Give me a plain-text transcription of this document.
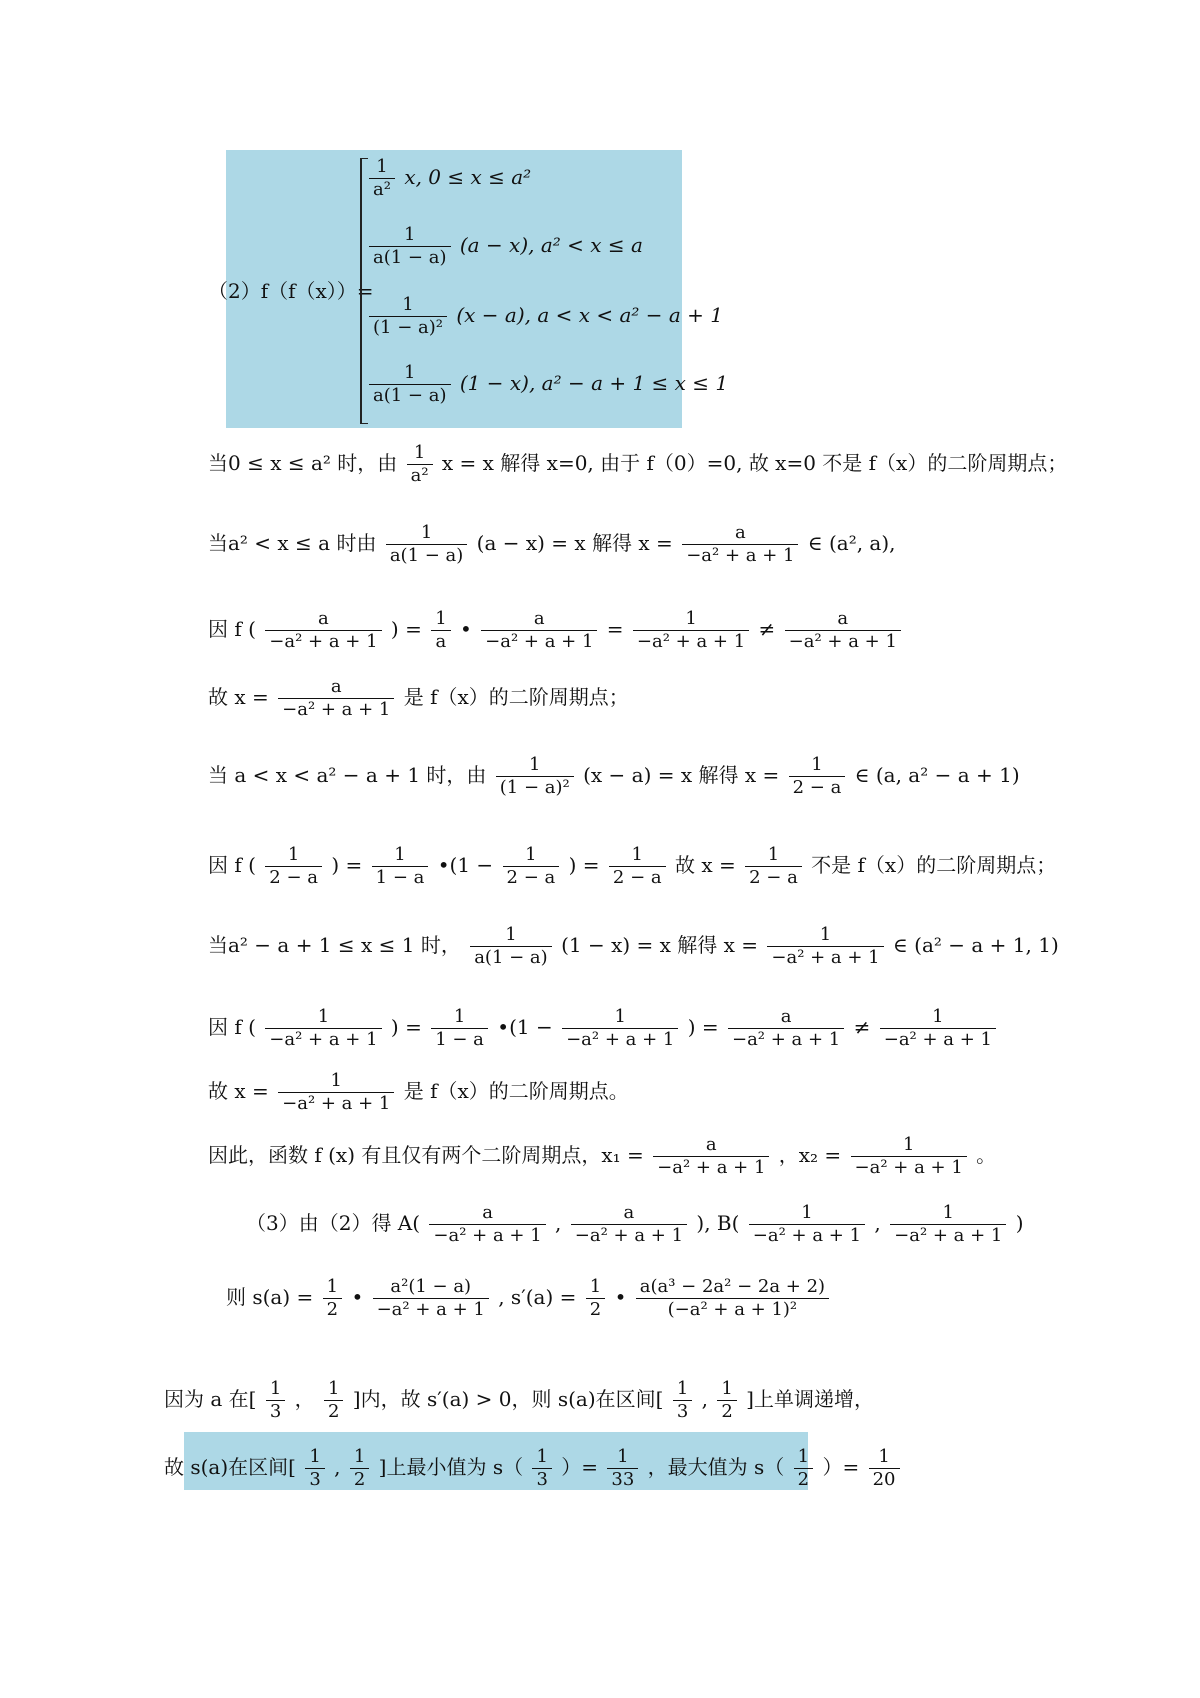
（2）f（f（x））=
$\frac{1}{\text{a²}} x$, 0 ≤ x ≤ a²
$\frac{1}{a(1 - a)} (a - x)$, a² < x ≤ a
$\frac{1}{\text{(1 − a)²}} (x - a)$, a < x < a² − a + 1
$\frac{1}{a(1 - a)} (1 - x)$, a² − a + 1 ≤ x ≤ 1
当0 ≤ x ≤ a² 时，由 $\frac{1}{\text{a²}}$ x = x 解得 x=0, 由于 f（0）=0, 故 x=0 不是 f（x）的二阶周期点；
当a² < x ≤ a 时由 $\frac{1}{a(1 - a)} (a - x) = x$ 解得 $x = \frac{a}{\text{−a² + a + 1}}$ ∈ (a², a),
因 f ( $\frac{a}{\text{−a² + a + 1}}$ ) = $\frac{1}{a}$ • $\frac{a}{\text{−a² + a + 1}} = \frac{1}{\text{−a² + a + 1}} \ne \frac{a}{\text{−a² + a + 1}}$
故 $x = \frac{a}{\text{−a² + a + 1}}$ 是 f（x）的二阶周期点；
当 a < x < a² − a + 1 时，由 $\frac{1}{\text{(1 − a)²}} (x - a) = x$ 解得 $x = \frac{1}{2 - a}$ ∈ (a, a² − a + 1)
因 f ( $\frac{1}{2 - a}$ ) = $\frac{1}{1 - a}$ •(1 − $\frac{1}{2 - a}$ ) = $\frac{1}{2 - a}$ 故 $x = \frac{1}{2 - a}$ 不是 f（x）的二阶周期点；
当a² − a + 1 ≤ x ≤ 1 时， $\frac{1}{a(1 - a)} (1 - x) = x$ 解得 $x = \frac{1}{\text{−a² + a + 1}}$ ∈ (a² − a + 1, 1)
因 f ( $\frac{1}{\text{−a² + a + 1}}$ ) = $\frac{1}{1 - a}$ •(1 − $\frac{1}{\text{−a² + a + 1}}$ ) = $\frac{a}{\text{−a² + a + 1}} \ne \frac{1}{\text{−a² + a + 1}}$
故 $x = \frac{1}{\text{−a² + a + 1}}$ 是 f（x）的二阶周期点。
因此，函数 f (x) 有且仅有两个二阶周期点，$x_1 = \frac{a}{\text{−a² + a + 1}}$ ，$x_2 = \frac{1}{\text{−a² + a + 1}}$ 。
（3）由（2）得 $A( \frac{a}{\text{−a² + a + 1}}$ , $\frac{a}{\text{−a² + a + 1}}$ ), $B( \frac{1}{\text{−a² + a + 1}}$ , $\frac{1}{\text{−a² + a + 1}}$ )
则 $s(a) = \frac{1}{2}$ • $\frac{\text{a²(1 − a)}}{\text{−a² + a + 1}}$ , $s'(a) = \frac{1}{2}$ • $\frac{\text{a(a³ − 2a² − 2a + 2)}}{\text{(−a² + a + 1)²}}$
因为 a 在[ $\frac{1}{3}$ ， $\frac{1}{2}$ ]内，故 s′(a) > 0，则 s(a)在区间[ $\frac{1}{3}$ , $\frac{1}{2}$ ]上单调递增，
故 s(a)在区间[ $\frac{1}{3}$ , $\frac{1}{2}$ ]上最小值为 $s( \frac{1}{3}$ ）= $\frac{1}{33}$ ，最大值为 $s( \frac{1}{2}$ ）= $\frac{1}{20}$
